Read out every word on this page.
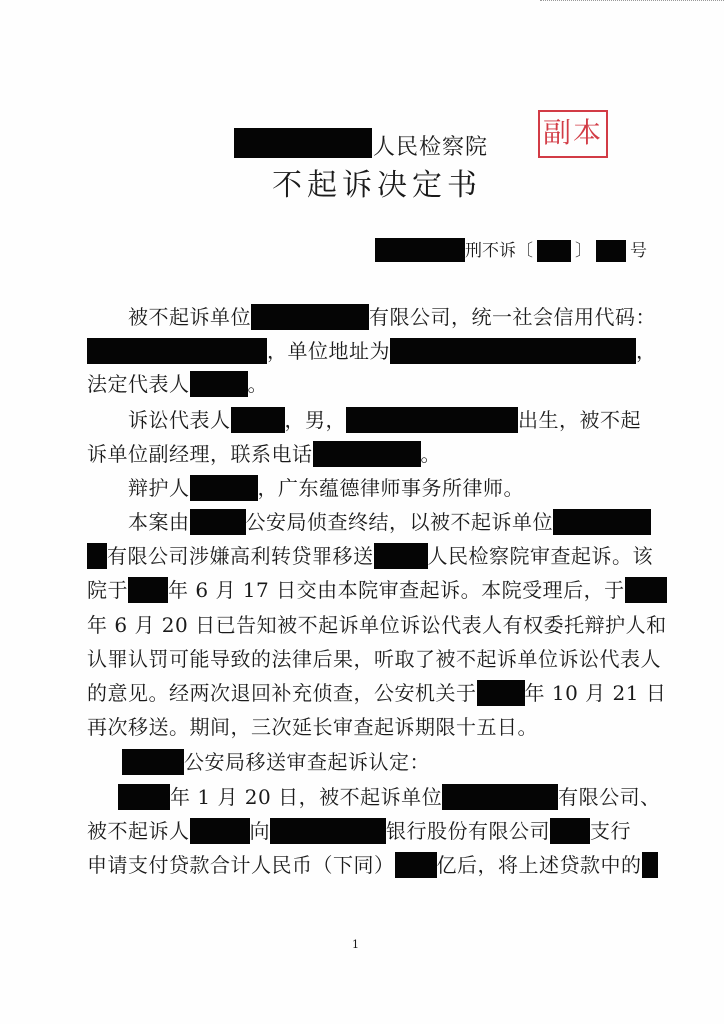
人民检察院 副本
不起诉决定书
刑不诉〔 〕 号
被不起诉单位	有限公司，统一社会信用代码：
，单位地址为	，
法定代表人	。
诉讼代表人	，男，	出生，被不起
诉单位副经理，联系电话	。
辩护人	，广东蕴德律师事务所律师。
本案由	公安局侦查终结，以被不起诉单位
有限公司涉嫌高利转贷罪移送	人民检察院审查起诉。该
院于 年 6 月 17 日交由本院审查起诉。本院受理后，于
年 6 月 20 日已告知被不起诉单位诉讼代表人有权委托辩护人和
认罪认罚可能导致的法律后果，听取了被不起诉单位诉讼代表人
的意见。经两次退回补充侦查，公安机关于 年 10 月 21 日
再次移送。期间，三次延长审查起诉期限十五日。
公安局移送审查起诉认定：
年 1 月 20 日，被不起诉单位	有限公司、
被不起诉人	向	银行股份有限公司 支行
申请支付贷款合计人民币（下同） 亿后，将上述贷款中的
1
